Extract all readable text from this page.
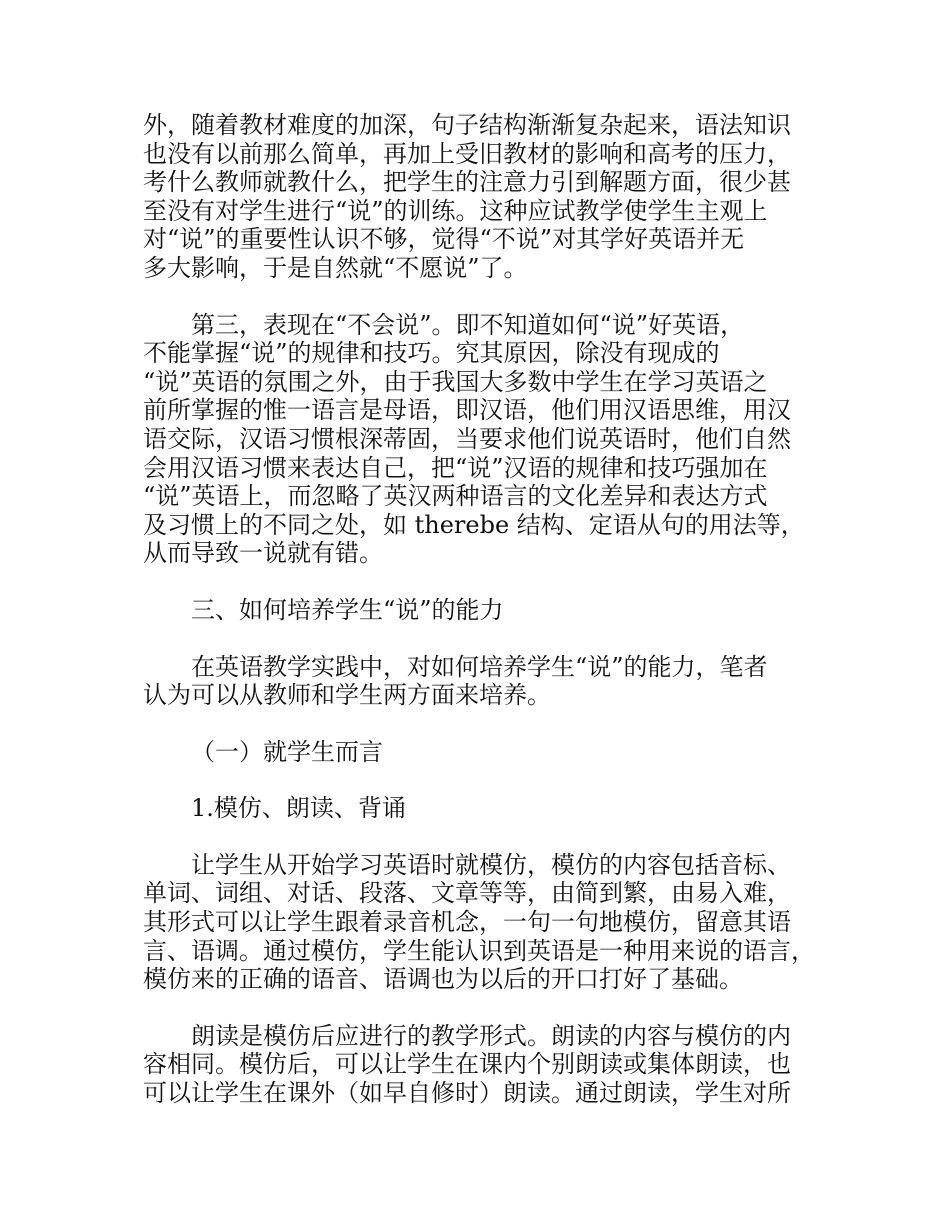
外，随着教材难度的加深，句子结构渐渐复杂起来，语法知识
也没有以前那么简单，再加上受旧教材的影响和高考的压力，
考什么教师就教什么，把学生的注意力引到解题方面，很少甚
至没有对学生进行“说”的训练。这种应试教学使学生主观上
对“说”的重要性认识不够，觉得“不说”对其学好英语并无
多大影响，于是自然就“不愿说”了。
第三，表现在“不会说”。即不知道如何“说”好英语，
不能掌握“说”的规律和技巧。究其原因，除没有现成的
“说”英语的氛围之外，由于我国大多数中学生在学习英语之
前所掌握的惟一语言是母语，即汉语，他们用汉语思维，用汉
语交际，汉语习惯根深蒂固，当要求他们说英语时，他们自然
会用汉语习惯来表达自己，把“说”汉语的规律和技巧强加在
“说”英语上，而忽略了英汉两种语言的文化差异和表达方式
及习惯上的不同之处，如 therebe 结构、定语从句的用法等，
从而导致一说就有错。
三、如何培养学生“说”的能力
在英语教学实践中，对如何培养学生“说”的能力，笔者
认为可以从教师和学生两方面来培养。
（一）就学生而言
1.模仿、朗读、背诵
让学生从开始学习英语时就模仿，模仿的内容包括音标、
单词、词组、对话、段落、文章等等，由简到繁，由易入难，
其形式可以让学生跟着录音机念，一句一句地模仿，留意其语
言、语调。通过模仿，学生能认识到英语是一种用来说的语言，
模仿来的正确的语音、语调也为以后的开口打好了基础。
朗读是模仿后应进行的教学形式。朗读的内容与模仿的内
容相同。模仿后，可以让学生在课内个别朗读或集体朗读，也
可以让学生在课外（如早自修时）朗读。通过朗读，学生对所
